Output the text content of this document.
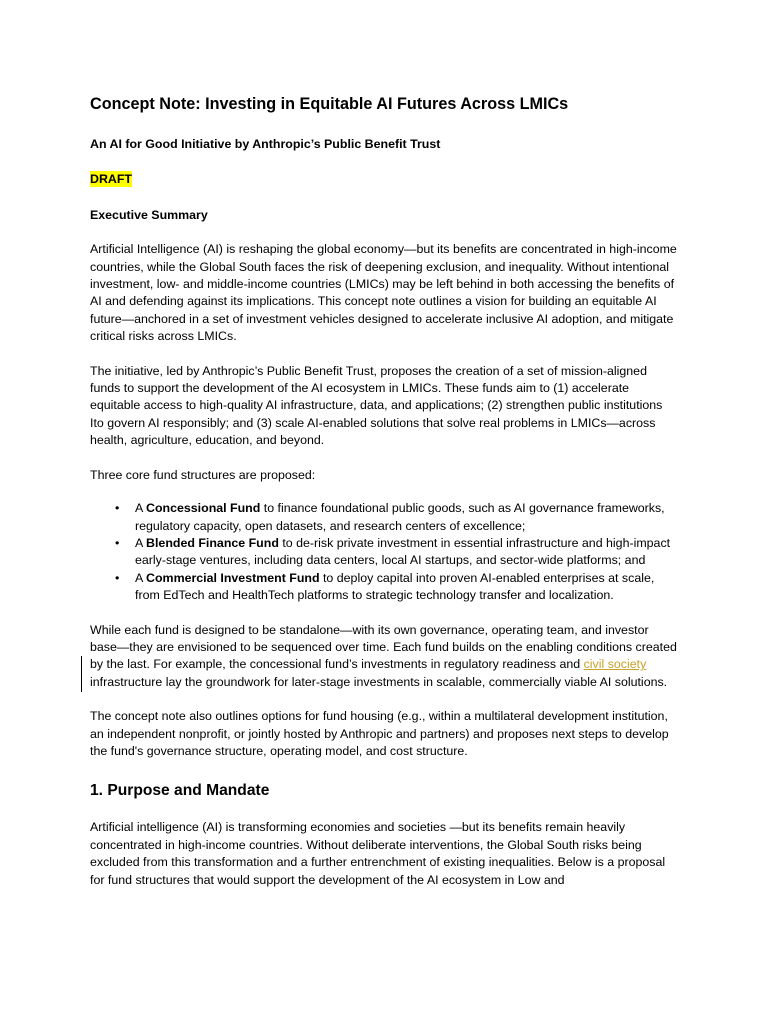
Concept Note: Investing in Equitable AI Futures Across LMICs

An AI for Good Initiative by Anthropic’s Public Benefit Trust

DRAFT

Executive Summary

Artificial Intelligence (AI) is reshaping the global economy—but its benefits are concentrated in high-income countries, while the Global South faces the risk of deepening exclusion, and inequality. Without intentional investment, low- and middle-income countries (LMICs) may be left behind in both accessing the benefits of AI and defending against its implications. This concept note outlines a vision for building an equitable AI future—anchored in a set of investment vehicles designed to accelerate inclusive AI adoption, and mitigate critical risks across LMICs.

The initiative, led by Anthropic’s Public Benefit Trust, proposes the creation of a set of mission-aligned funds to support the development of the AI ecosystem in LMICs. These funds aim to (1) accelerate equitable access to high-quality AI infrastructure, data, and applications; (2) strengthen public institutions Ito govern AI responsibly; and (3) scale AI-enabled solutions that solve real problems in LMICs—across health, agriculture, education, and beyond.

Three core fund structures are proposed:

• A Concessional Fund to finance foundational public goods, such as AI governance frameworks, regulatory capacity, open datasets, and research centers of excellence;
• A Blended Finance Fund to de-risk private investment in essential infrastructure and high-impact early-stage ventures, including data centers, local AI startups, and sector-wide platforms; and
• A Commercial Investment Fund to deploy capital into proven AI-enabled enterprises at scale, from EdTech and HealthTech platforms to strategic technology transfer and localization.
While each fund is designed to be standalone—with its own governance, operating team, and investor base—they are envisioned to be sequenced over time. Each fund builds on the enabling conditions created by the last. For example, the concessional fund’s investments in regulatory readiness and civil society infrastructure lay the groundwork for later-stage investments in scalable, commercially viable AI solutions.

The concept note also outlines options for fund housing (e.g., within a multilateral development institution, an independent nonprofit, or jointly hosted by Anthropic and partners) and proposes next steps to develop the fund's governance structure, operating model, and cost structure.

1. Purpose and Mandate

Artificial intelligence (AI) is transforming economies and societies —but its benefits remain heavily concentrated in high-income countries. Without deliberate interventions, the Global South risks being excluded from this transformation and a further entrenchment of existing inequalities. Below is a proposal for fund structures that would support the development of the AI ecosystem in Low and
